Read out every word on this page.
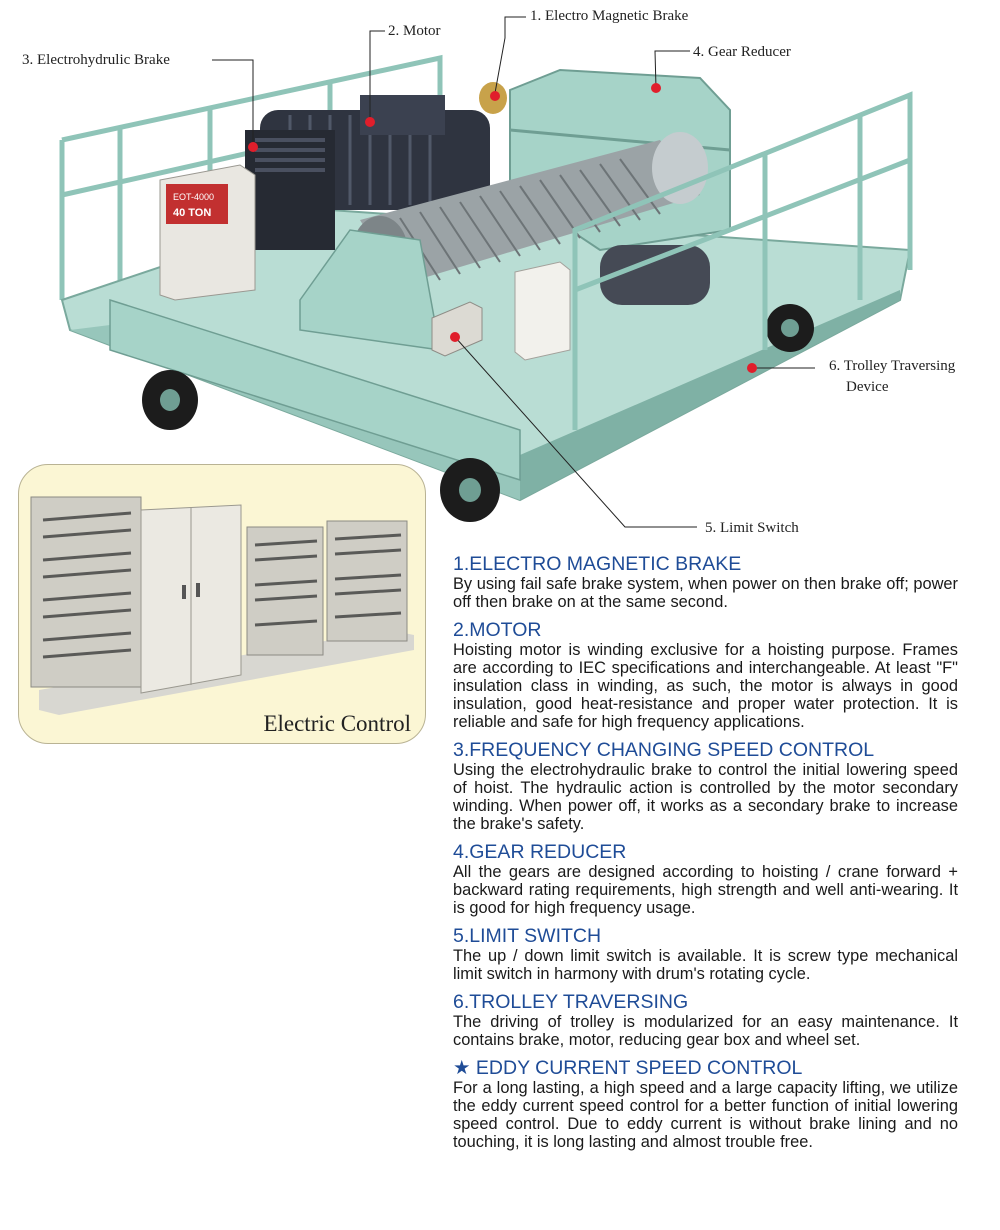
EOT-4000
40 TON
1. Electro Magnetic Brake
2. Motor
3. Electrohydrulic Brake	4. Gear Reducer
5. Limit Switch
6. Trolley Traversing
Device
Electric Control
1.ELECTRO MAGNETIC BRAKE
By using fail safe brake system, when power on then brake off; power off then brake on at the same second.
2.MOTOR
Hoisting motor is winding exclusive for a hoisting purpose. Frames are according to IEC specifications and interchangeable. At least "F" insulation class in winding, as such, the motor is always in good insulation, good heat-resistance and proper water protection. It is reliable and safe for high frequency applications.
3.FREQUENCY CHANGING SPEED CONTROL
Using the electrohydraulic brake to control the initial lowering speed of hoist. The hydraulic action is controlled by the motor secondary winding. When power off, it works as a secondary brake to increase the brake's safety.
4.GEAR REDUCER
All the gears are designed according to hoisting / crane forward + backward rating requirements, high strength and well anti-wearing. It is good for high frequency usage.
5.LIMIT SWITCH
The up / down limit switch is available. It is screw type mechanical limit switch in harmony with drum's rotating cycle.
6.TROLLEY TRAVERSING
The driving of trolley is modularized for an easy maintenance. It contains brake, motor, reducing gear box and wheel set.
★ EDDY CURRENT SPEED CONTROL
For a long lasting, a high speed and a large capacity lifting, we utilize the eddy current speed control for a better function of initial lowering speed control. Due to eddy current is without brake lining and no touching, it is long lasting and almost trouble free.
